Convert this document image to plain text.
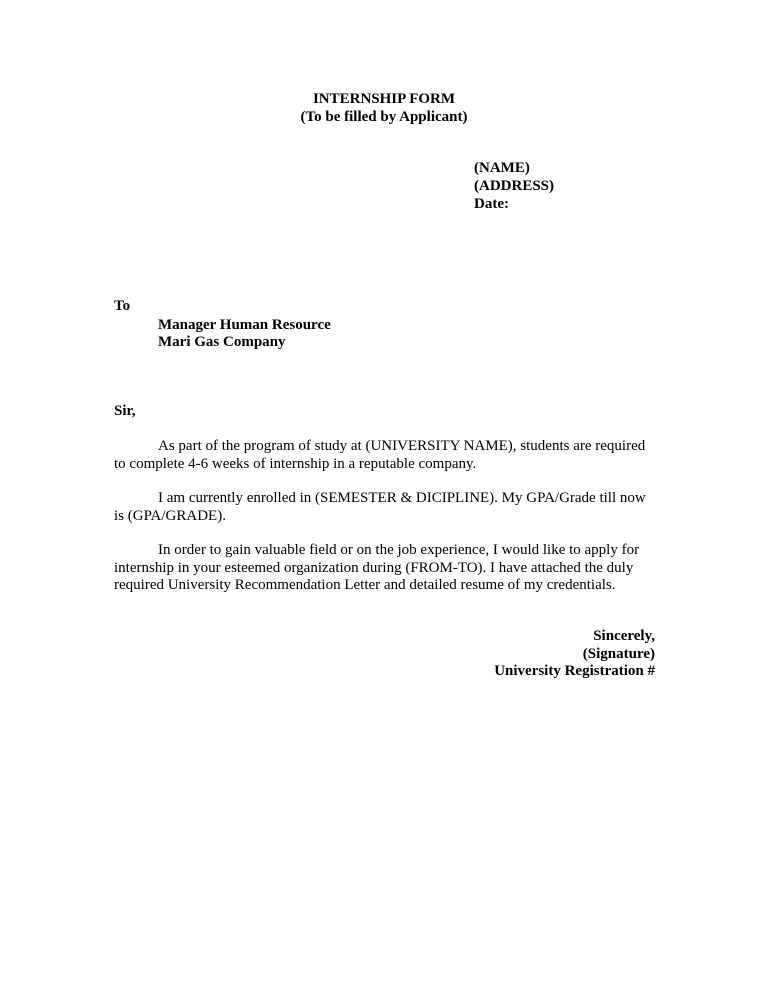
INTERNSHIP FORM
(To be filled by Applicant)
(NAME)
(ADDRESS)
Date:
To
Manager Human Resource
Mari Gas Company
Sir,
As part of the program of study at (UNIVERSITY NAME), students are required
to complete 4-6 weeks of internship in a reputable company.
I am currently enrolled in (SEMESTER & DICIPLINE). My GPA/Grade till now
is (GPA/GRADE).
In order to gain valuable field or on the job experience, I would like to apply for
internship in your esteemed organization during (FROM-TO). I have attached the duly
required University Recommendation Letter and detailed resume of my credentials.
Sincerely,
(Signature)
University Registration #
